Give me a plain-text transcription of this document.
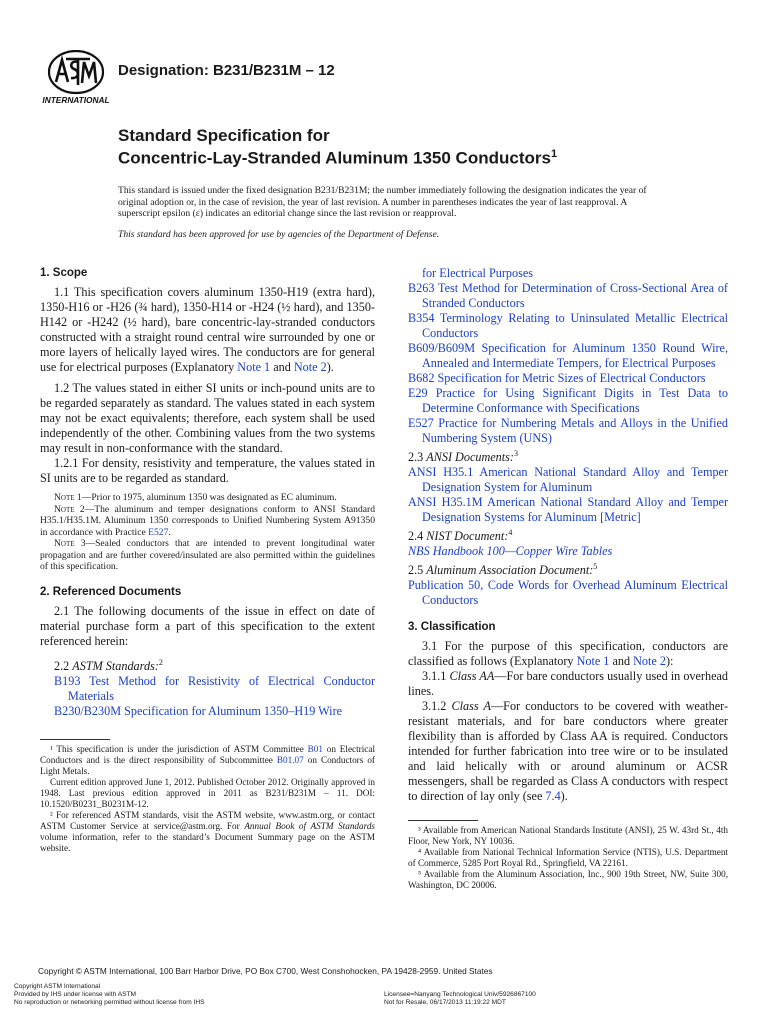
INTERNATIONAL
Designation: B231/B231M – 12
Standard Specification for
Concentric-Lay-Stranded Aluminum 1350 Conductors$^1$
This standard is issued under the fixed designation B231/B231M; the number immediately following the designation indicates the year of original adoption or, in the case of revision, the year of last revision. A number in parentheses indicates the year of last reapproval. A superscript epsilon (ε) indicates an editorial change since the last revision or reapproval.
This standard has been approved for use by agencies of the Department of Defense.
1. Scope

1.1 This specification covers aluminum 1350-H19 (extra hard), 1350-H16 or -H26 (¾ hard), 1350-H14 or -H24 (½ hard), and 1350-H142 or -H242 (½ hard), bare concentric-lay-stranded conductors constructed with a straight round central wire surrounded by one or more layers of helically layed wires. The conductors are for general use for electrical purposes (Explanatory Note 1 and Note 2).

1.2 The values stated in either SI units or inch-pound units are to be regarded separately as standard. The values stated in each system may not be exact equivalents; therefore, each system shall be used independently of the other. Combining values from the two systems may result in non-conformance with the standard.

1.2.1 For density, resistivity and temperature, the values stated in SI units are to be regarded as standard.

Note 1—Prior to 1975, aluminum 1350 was designated as EC aluminum.

Note 2—The aluminum and temper designations conform to ANSI Standard H35.1/H35.1M. Aluminum 1350 corresponds to Unified Numbering System A91350 in accordance with Practice E527.

Note 3—Sealed conductors that are intended to prevent longitudinal water propagation and are further covered/insulated are also permitted within the guidelines of this specification.

2. Referenced Documents

2.1 The following documents of the issue in effect on date of material purchase form a part of this specification to the extent referenced herein:

2.2 ASTM Standards:$^2$

B193 Test Method for Resistivity of Electrical Conductor Materials

B230/B230M Specification for Aluminum 1350–H19 Wire

¹ This specification is under the jurisdiction of ASTM Committee B01 on Electrical Conductors and is the direct responsibility of Subcommittee B01.07 on Conductors of Light Metals.

Current edition approved June 1, 2012. Published October 2012. Originally approved in 1948. Last previous edition approved in 2011 as B231/B231M – 11. DOI: 10.1520/B0231_B0231M-12.

² For referenced ASTM standards, visit the ASTM website, www.astm.org, or contact ASTM Customer Service at service@astm.org. For Annual Book of ASTM Standards volume information, refer to the standard’s Document Summary page on the ASTM website.

for Electrical Purposes

B263 Test Method for Determination of Cross-Sectional Area of Stranded Conductors

B354 Terminology Relating to Uninsulated Metallic Electrical Conductors

B609/B609M Specification for Aluminum 1350 Round Wire, Annealed and Intermediate Tempers, for Electrical Purposes

B682 Specification for Metric Sizes of Electrical Conductors

E29 Practice for Using Significant Digits in Test Data to Determine Conformance with Specifications

E527 Practice for Numbering Metals and Alloys in the Unified Numbering System (UNS)

2.3 ANSI Documents:$^3$

ANSI H35.1 American National Standard Alloy and Temper Designation System for Aluminum

ANSI H35.1M American National Standard Alloy and Temper Designation Systems for Aluminum [Metric]

2.4 NIST Document:$^4$

NBS Handbook 100—Copper Wire Tables

2.5 Aluminum Association Document:$^5$

Publication 50, Code Words for Overhead Aluminum Electrical Conductors

3. Classification

3.1 For the purpose of this specification, conductors are classified as follows (Explanatory Note 1 and Note 2):

3.1.1 Class AA—For bare conductors usually used in overhead lines.

3.1.2 Class A—For conductors to be covered with weather-resistant materials, and for bare conductors where greater flexibility than is afforded by Class AA is required. Conductors intended for further fabrication into tree wire or to be insulated and laid helically with or around aluminum or ACSR messengers, shall be regarded as Class A conductors with respect to direction of lay only (see 7.4).

³ Available from American National Standards Institute (ANSI), 25 W. 43rd St., 4th Floor, New York, NY 10036.

⁴ Available from National Technical Information Service (NTIS), U.S. Department of Commerce, 5285 Port Royal Rd., Springfield, VA 22161.

⁵ Available from the Aluminum Association, Inc., 900 19th Street, NW, Suite 300, Washington, DC 20006.

Copyright © ASTM International, 100 Barr Harbor Drive, PO Box C700, West Conshohocken, PA 19428-2959. United States
Copyright ASTM International
Provided by IHS under license with ASTM
No reproduction or networking permitted without license from IHS
Licensee=Nanyang Technological Univ/5926867100
Not for Resale, 06/17/2013 11:19:22 MDT
